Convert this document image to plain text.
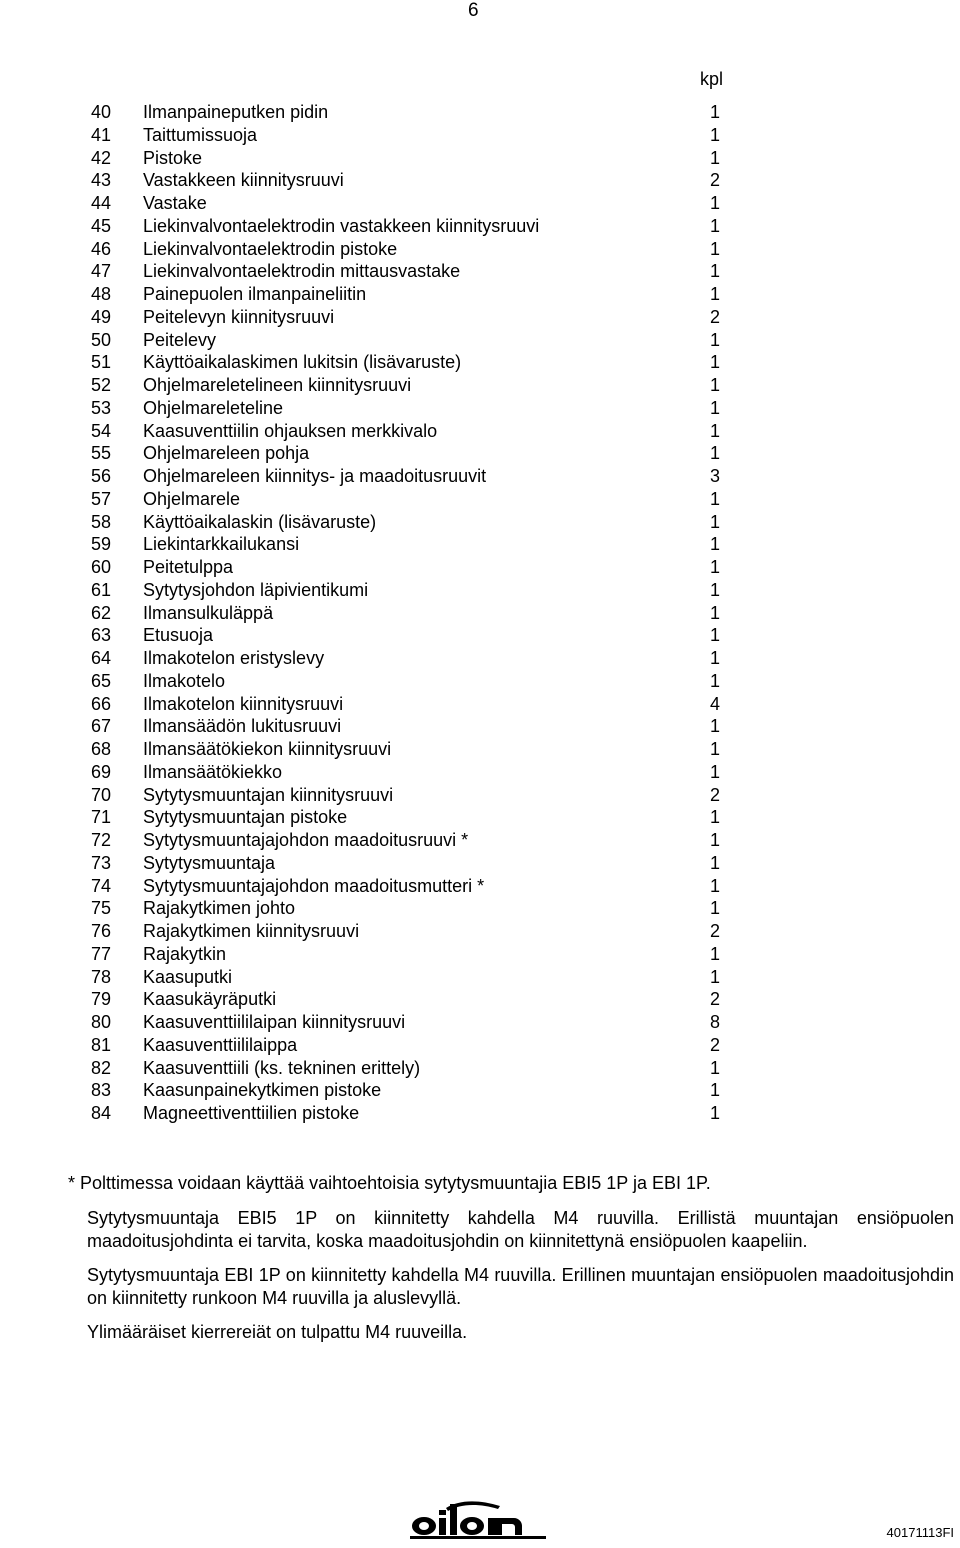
6
kpl
40 Ilmanpaineputken pidin	1
41 Taittumissuoja	1
42 Pistoke	1
43 Vastakkeen kiinnitysruuvi	2
44 Vastake	1
45 Liekinvalvontaelektrodin vastakkeen kiinnitysruuvi	1
46 Liekinvalvontaelektrodin pistoke	1
47 Liekinvalvontaelektrodin mittausvastake	1
48 Painepuolen ilmanpaineliitin	1
49 Peitelevyn kiinnitysruuvi	2
50 Peitelevy	1
51 Käyttöaikalaskimen lukitsin (lisävaruste)	1
52 Ohjelmareletelineen kiinnitysruuvi	1
53 Ohjelmareleteline	1
54 Kaasuventtiilin ohjauksen merkkivalo	1
55 Ohjelmareleen pohja	1
56 Ohjelmareleen kiinnitys- ja maadoitusruuvit	3
57 Ohjelmarele	1
58 Käyttöaikalaskin (lisävaruste)	1
59 Liekintarkkailukansi	1
60 Peitetulppa	1
61 Sytytysjohdon läpivientikumi	1
62 Ilmansulkuläppä	1
63 Etusuoja	1
64 Ilmakotelon eristyslevy	1
65 Ilmakotelo	1
66 Ilmakotelon kiinnitysruuvi	4
67 Ilmansäädön lukitusruuvi	1
68 Ilmansäätökiekon kiinnitysruuvi	1
69 Ilmansäätökiekko	1
70 Sytytysmuuntajan kiinnitysruuvi	2
71 Sytytysmuuntajan pistoke	1
72 Sytytysmuuntajajohdon maadoitusruuvi *	1
73 Sytytysmuuntaja	1
74 Sytytysmuuntajajohdon maadoitusmutteri *	1
75 Rajakytkimen johto	1
76 Rajakytkimen kiinnitysruuvi	2
77 Rajakytkin	1
78 Kaasuputki	1
79 Kaasukäyräputki	2
80 Kaasuventtiililaipan kiinnitysruuvi	8
81 Kaasuventtiililaippa	2
82 Kaasuventtiili (ks. tekninen erittely)	1
83 Kaasunpainekytkimen pistoke	1
84 Magneettiventtiilien pistoke	1

* Polttimessa voidaan käyttää vaihtoehtoisia sytytysmuuntajia EBI5 1P ja EBI 1P.

Sytytysmuuntaja EBI5 1P on kiinnitetty kahdella M4 ruuvilla. Erillistä muuntajan ensiöpuolen maadoitusjohdinta ei tarvita, koska maadoitusjohdin on kiinnitettynä ensiöpuolen kaapeliin.

Sytytysmuuntaja EBI 1P on kiinnitetty kahdella M4 ruuvilla. Erillinen muuntajan ensiöpuolen maadoitusjohdin on kiinnitetty runkoon M4 ruuvilla ja aluslevyllä.

Ylimääräiset kierrereiät on tulpattu M4 ruuveilla.

40171113FI
